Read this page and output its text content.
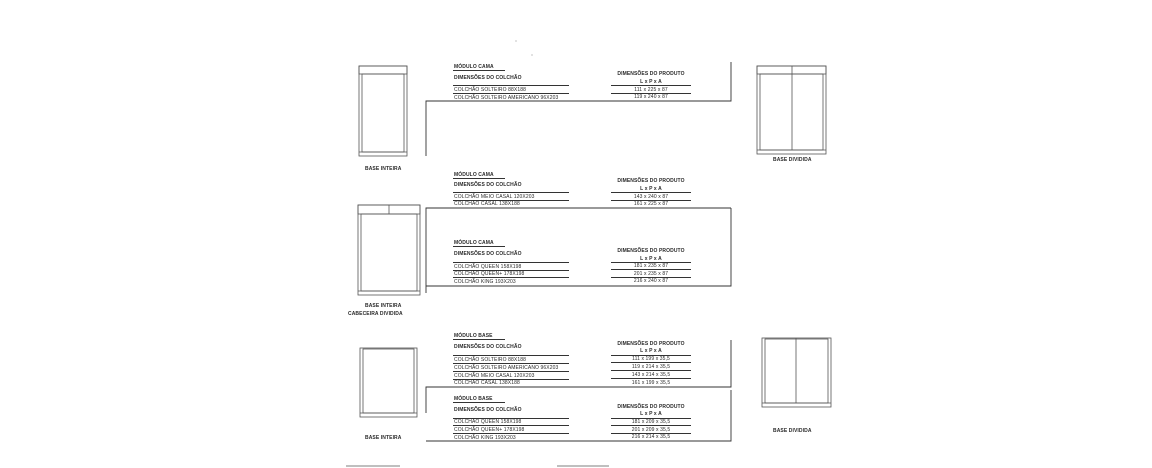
BASE INTEIRA
BASE DIVIDIDA
BASE INTEIRA
CABECEIRA DIVIDIDA
BASE INTEIRA
BASE DIVIDIDA
MÓDULO CAMA
DIMENSÕES DO COLCHÃO
COLCHÃO SOLTEIRO 88X188
COLCHÃO SOLTEIRO AMERICANO 96X203
DIMENSÕES DO PRODUTO
L x P x A
111 x 225 x 87
119 x 240 x 87
MÓDULO CAMA
DIMENSÕES DO COLCHÃO
COLCHÃO MEIO CASAL 120X203
COLCHÃO CASAL 138X188
DIMENSÕES DO PRODUTO
L x P x A
143 x 240 x 87
161 x 225 x 87
MÓDULO CAMA
DIMENSÕES DO COLCHÃO
COLCHÃO QUEEN 158X198
COLCHÃO QUEEN+ 178X198
COLCHÃO KING 193X203
DIMENSÕES DO PRODUTO
L x P x A
181 x 235 x 87
201 x 235 x 87
216 x 240 x 87
MÓDULO BASE
DIMENSÕES DO COLCHÃO
COLCHÃO SOLTEIRO 88X188
COLCHÃO SOLTEIRO AMERICANO 96X203
COLCHÃO MEIO CASAL 120X203
COLCHÃO CASAL 138X188
DIMENSÕES DO PRODUTO
L x P x A
111 x 199 x 35,5
119 x 214 x 35,5
143 x 214 x 35,5
161 x 199 x 35,5
MÓDULO BASE
DIMENSÕES DO COLCHÃO
COLCHÃO QUEEN 158X198
COLCHÃO QUEEN+ 178X198
COLCHÃO KING 193X203
DIMENSÕES DO PRODUTO
L x P x A
181 x 209 x 35,5
201 x 209 x 35,5
216 x 214 x 35,5
